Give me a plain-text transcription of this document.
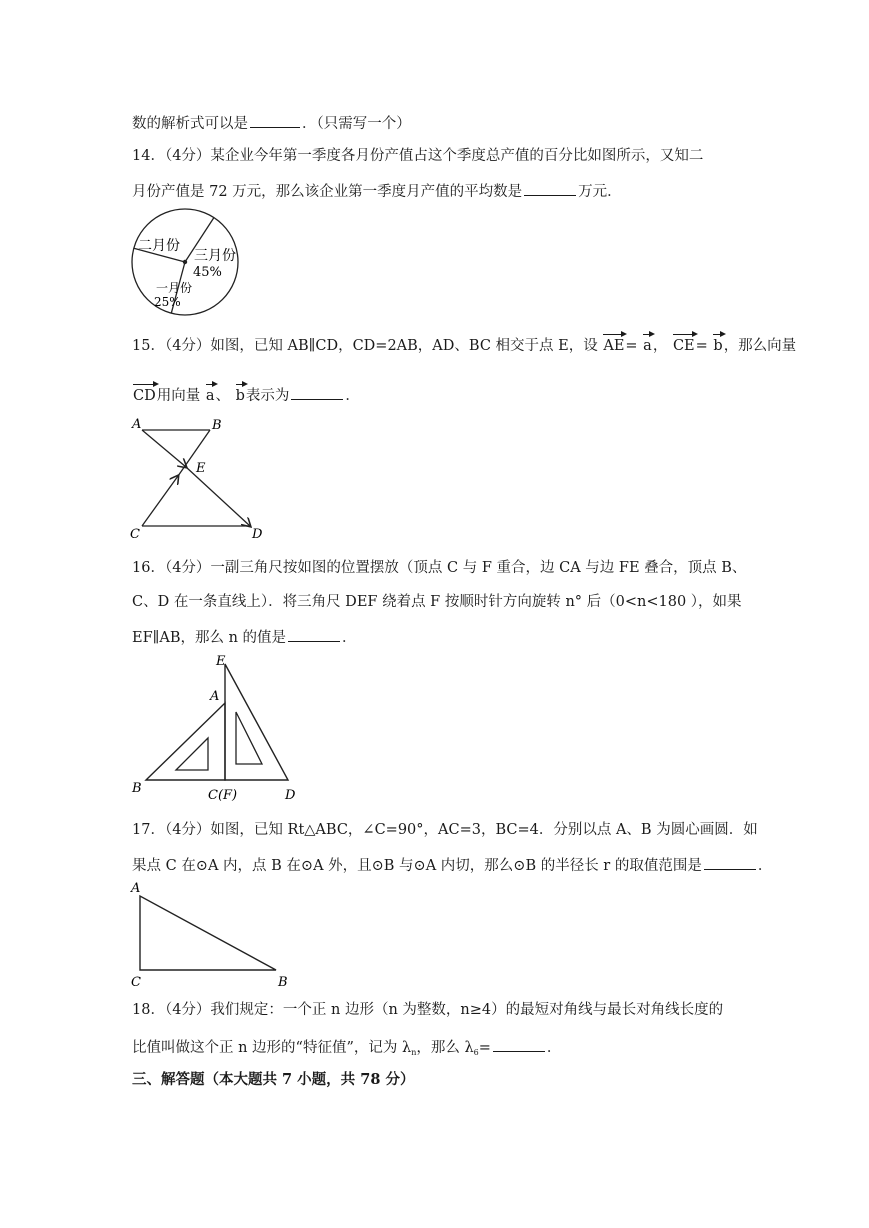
数的解析式可以是	．（只需写一个）
14．（4分）某企业今年第一季度各月份产值占这个季度总产值的百分比如图所示，又知二
月份产值是 72 万元，那么该企业第一季度月产值的平均数是	万元．
二月份
三月份
45%
一月份
25%
15．（4分）如图，已知 AB∥CD，CD=2AB，AD、BC 相交于点 E，设 AE= a， CE= b，那么向量
CD用向量 a、 b表示为	．
A	B
E
C	D
16．（4分）一副三角尺按如图的位置摆放（顶点 C 与 F 重合，边 CA 与边 FE 叠合，顶点 B、
C、D 在一条直线上）．将三角尺 DEF 绕着点 F 按顺时针方向旋转 n° 后（0<n<180 ），如果
EF∥AB，那么 n 的值是	．
E
A
B	C(F)	D
17．（4分）如图，已知 Rt△ABC，∠C=90°，AC=3，BC=4．分别以点 A、B 为圆心画圆．如
果点 C 在⊙A 内，点 B 在⊙A 外，且⊙B 与⊙A 内切，那么⊙B 的半径长 r 的取值范围是	．
A
C	B
18．（4分）我们规定：一个正 n 边形（n 为整数，n≥4）的最短对角线与最长对角线长度的
比值叫做这个正 n 边形的“特征值”，记为 $\lambda_n$，那么 $\lambda_6=$	．
三、解答题（本大题共 7 小题，共 78 分）
